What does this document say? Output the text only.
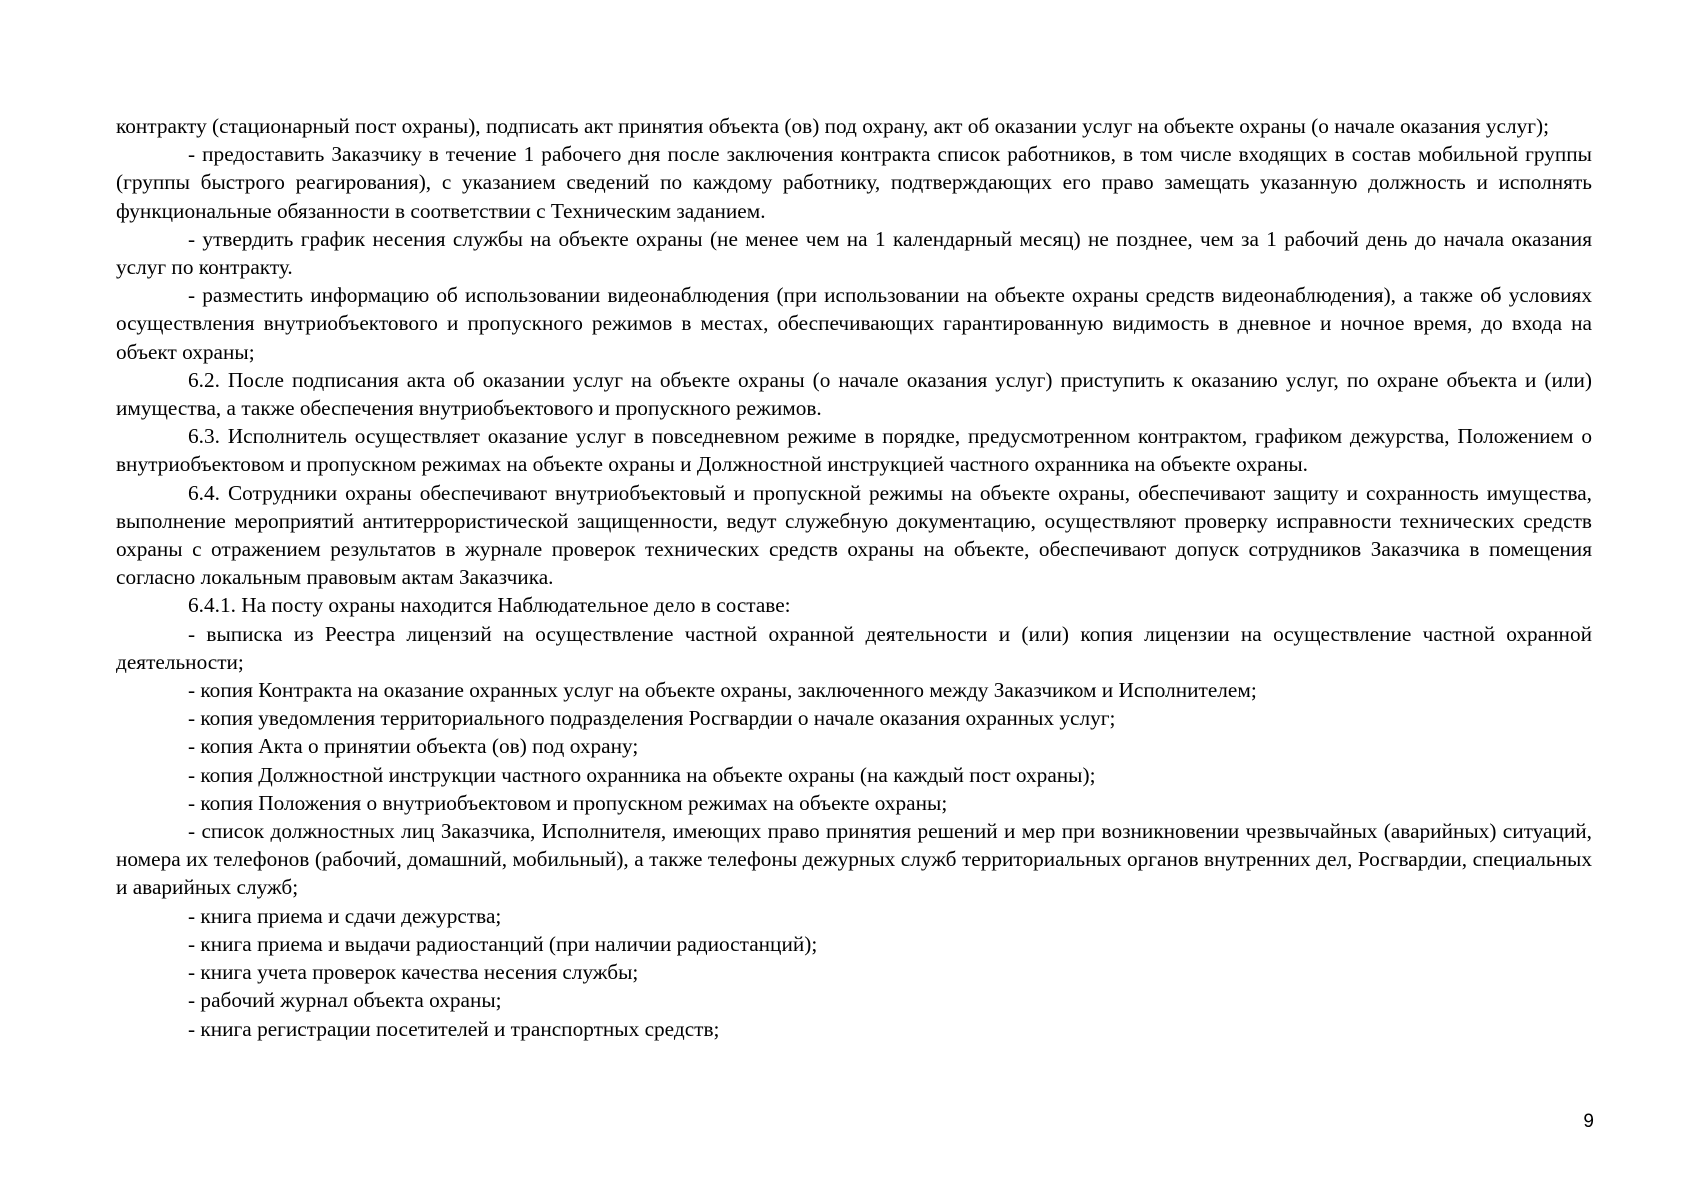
контракту (стационарный пост охраны), подписать акт принятия объекта (ов) под охрану, акт об оказании услуг на объекте охраны (о начале оказания услуг);

- предоставить Заказчику в течение 1 рабочего дня после заключения контракта список работников, в том числе входящих в состав мобильной группы (группы быстрого реагирования), с указанием сведений по каждому работнику, подтверждающих его право замещать указанную должность и исполнять функциональные обязанности в соответствии с Техническим заданием.

- утвердить график несения службы на объекте охраны (не менее чем на 1 календарный месяц) не позднее, чем за 1 рабочий день до начала оказания услуг по контракту.

- разместить информацию об использовании видеонаблюдения (при использовании на объекте охраны средств видеонаблюдения), а также об условиях осуществления внутриобъектового и пропускного режимов в местах, обеспечивающих гарантированную видимость в дневное и ночное время, до входа на объект охраны;

6.2. После подписания акта об оказании услуг на объекте охраны (о начале оказания услуг) приступить к оказанию услуг, по охране объекта и (или) имущества, а также обеспечения внутриобъектового и пропускного режимов.

6.3. Исполнитель осуществляет оказание услуг в повседневном режиме в порядке, предусмотренном контрактом, графиком дежурства, Положением о внутриобъектовом и пропускном режимах на объекте охраны и Должностной инструкцией частного охранника на объекте охраны.

6.4. Сотрудники охраны обеспечивают внутриобъектовый и пропускной режимы на объекте охраны, обеспечивают защиту и сохранность имущества, выполнение мероприятий антитеррористической защищенности, ведут служебную документацию, осуществляют проверку исправности технических средств охраны с отражением результатов в журнале проверок технических средств охраны на объекте, обеспечивают допуск сотрудников Заказчика в помещения согласно локальным правовым актам Заказчика.

6.4.1. На посту охраны находится Наблюдательное дело в составе:

- выписка из Реестра лицензий на осуществление частной охранной деятельности и (или) копия лицензии на осуществление частной охранной деятельности;

- копия Контракта на оказание охранных услуг на объекте охраны, заключенного между Заказчиком и Исполнителем;

- копия уведомления территориального подразделения Росгвардии о начале оказания охранных услуг;

- копия Акта о принятии объекта (ов) под охрану;

- копия Должностной инструкции частного охранника на объекте охраны (на каждый пост охраны);

- копия Положения о внутриобъектовом и пропускном режимах на объекте охраны;

- список должностных лиц Заказчика, Исполнителя, имеющих право принятия решений и мер при возникновении чрезвычайных (аварийных) ситуаций, номера их телефонов (рабочий, домашний, мобильный), а также телефоны дежурных служб территориальных органов внутренних дел, Росгвардии, специальных и аварийных служб;

- книга приема и сдачи дежурства;

- книга приема и выдачи радиостанций (при наличии радиостанций);

- книга учета проверок качества несения службы;

- рабочий журнал объекта охраны;

- книга регистрации посетителей и транспортных средств;

9
